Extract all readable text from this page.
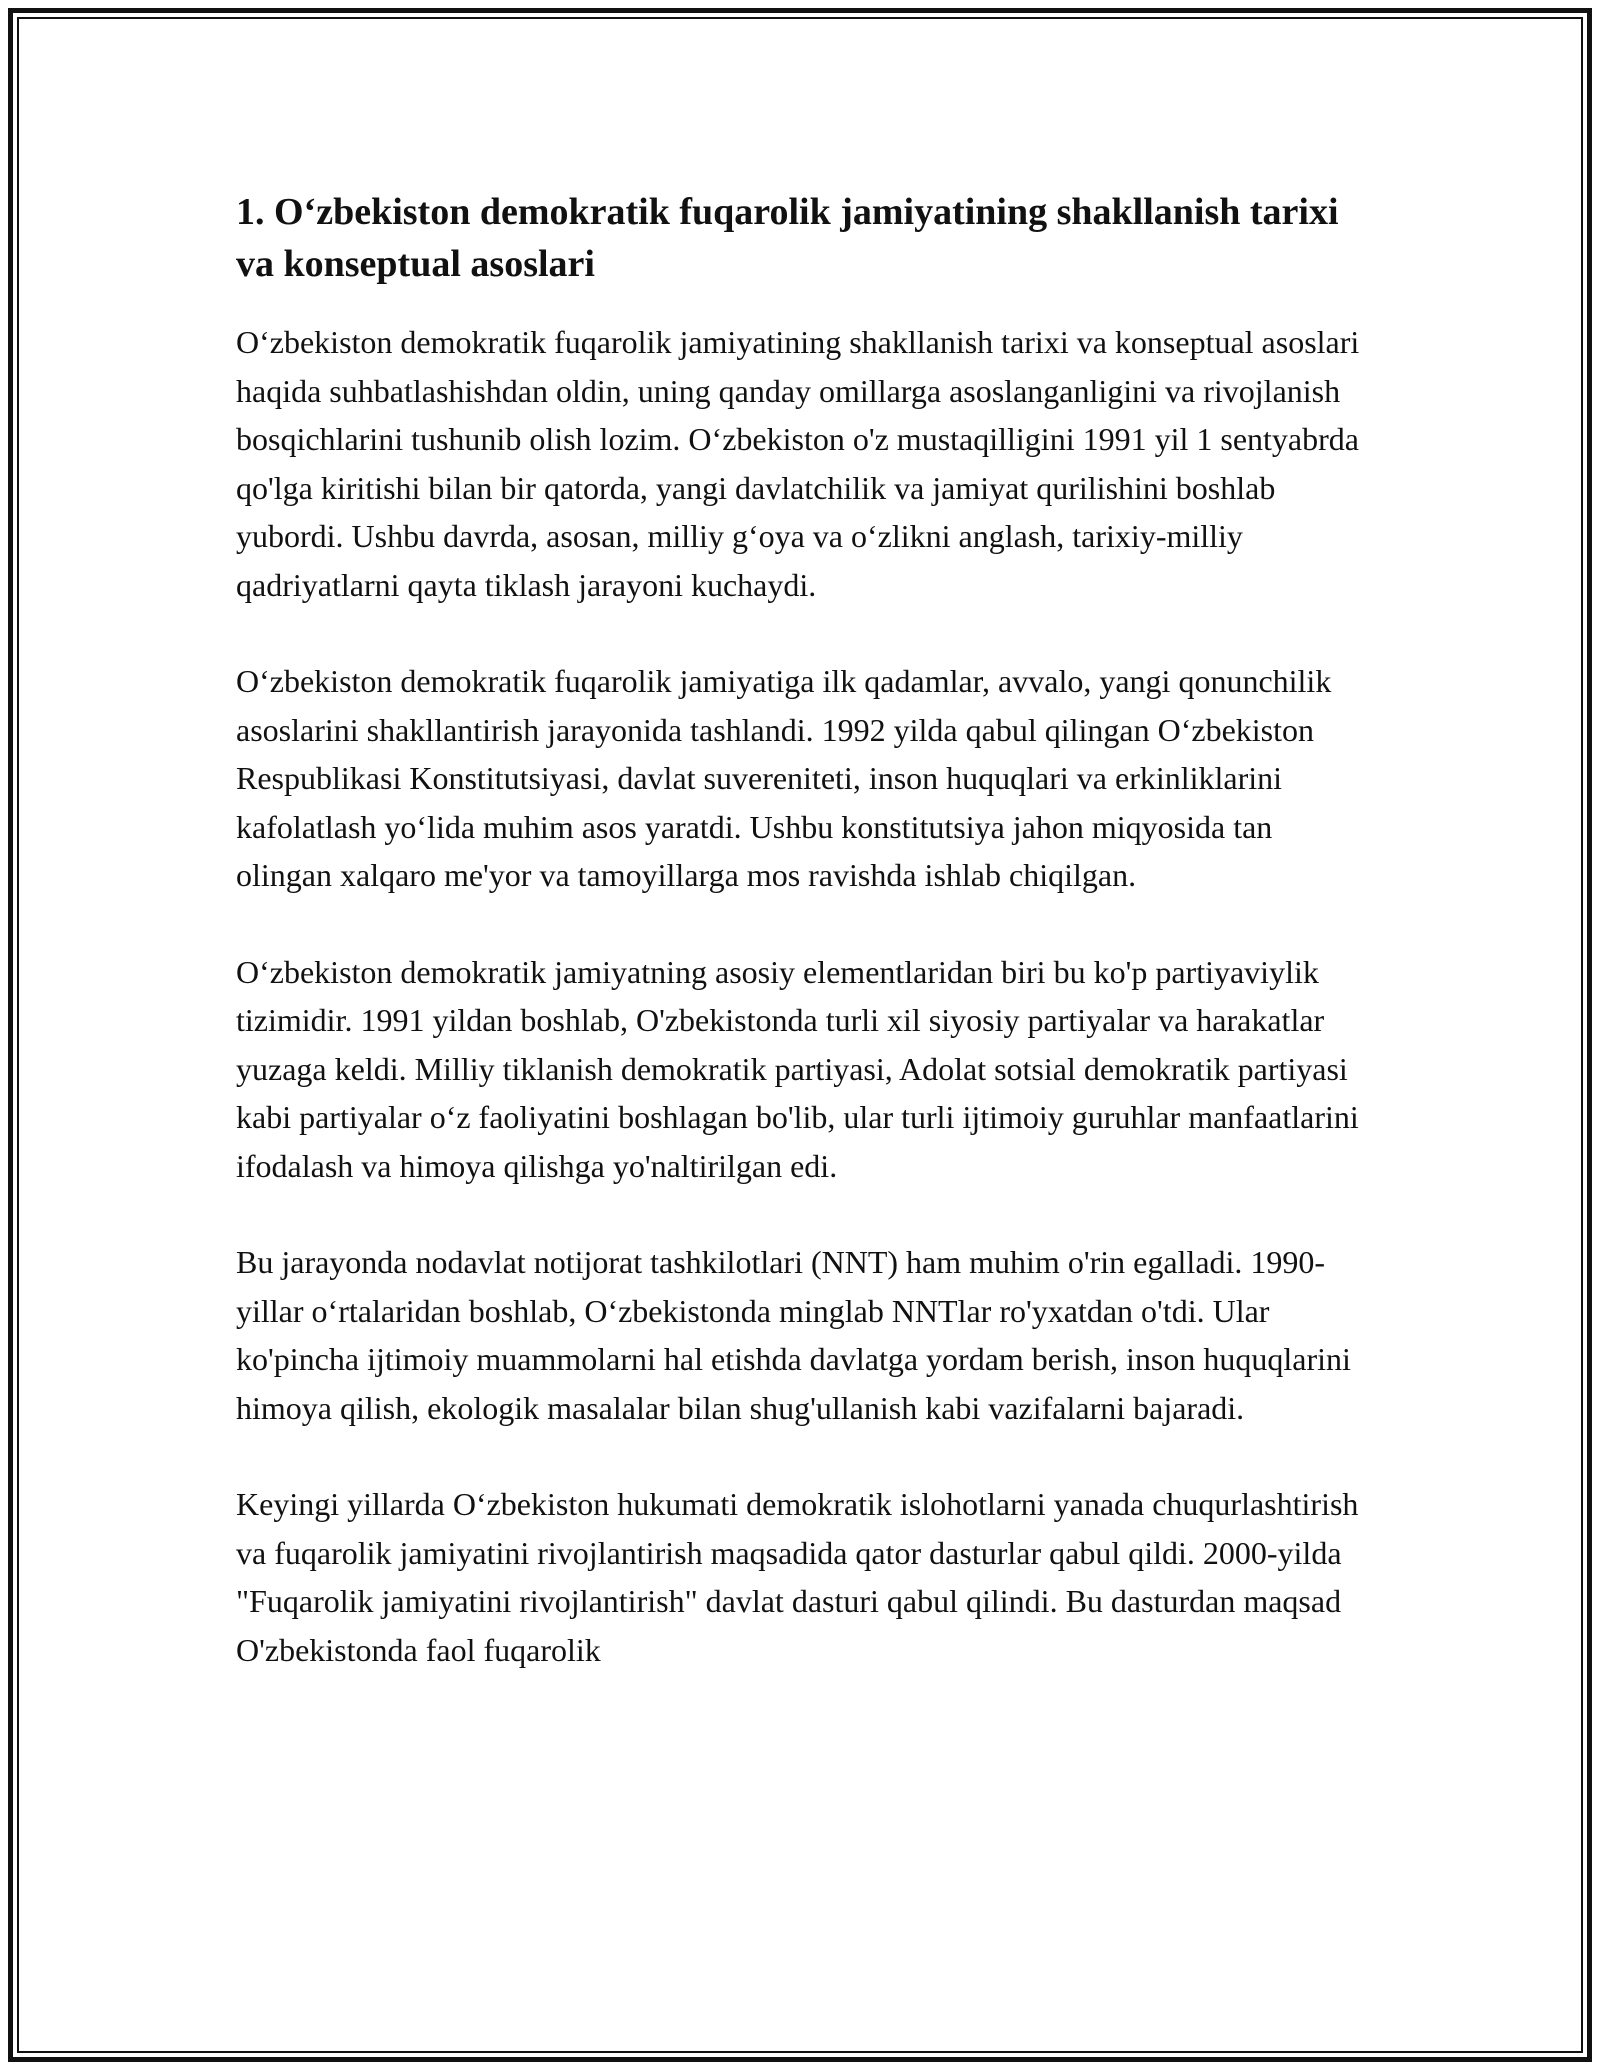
1. O‘zbekiston demokratik fuqarolik jamiyatining shakllanish tarixi va konseptual asoslari

O‘zbekiston demokratik fuqarolik jamiyatining shakllanish tarixi va konseptual asoslari haqida suhbatlashishdan oldin, uning qanday omillarga asoslanganligini va rivojlanish bosqichlarini tushunib olish lozim. O‘zbekiston o'z mustaqilligini 1991 yil 1 sentyabrda qo'lga kiritishi bilan bir qatorda, yangi davlatchilik va jamiyat qurilishini boshlab yubordi. Ushbu davrda, asosan, milliy g‘oya va o‘zlikni anglash, tarixiy-milliy qadriyatlarni qayta tiklash jarayoni kuchaydi.

O‘zbekiston demokratik fuqarolik jamiyatiga ilk qadamlar, avvalo, yangi qonunchilik asoslarini shakllantirish jarayonida tashlandi. 1992 yilda qabul qilingan O‘zbekiston Respublikasi Konstitutsiyasi, davlat suvereniteti, inson huquqlari va erkinliklarini kafolatlash yo‘lida muhim asos yaratdi. Ushbu konstitutsiya jahon miqyosida tan olingan xalqaro me'yor va tamoyillarga mos ravishda ishlab chiqilgan.

O‘zbekiston demokratik jamiyatning asosiy elementlaridan biri bu ko'p partiyaviylik tizimidir. 1991 yildan boshlab, O'zbekistonda turli xil siyosiy partiyalar va harakatlar yuzaga keldi. Milliy tiklanish demokratik partiyasi, Adolat sotsial demokratik partiyasi kabi partiyalar o‘z faoliyatini boshlagan bo'lib, ular turli ijtimoiy guruhlar manfaatlarini ifodalash va himoya qilishga yo'naltirilgan edi.

Bu jarayonda nodavlat notijorat tashkilotlari (NNT) ham muhim o'rin egalladi. 1990-yillar o‘rtalaridan boshlab, O‘zbekistonda minglab NNTlar ro'yxatdan o'tdi. Ular ko'pincha ijtimoiy muammolarni hal etishda davlatga yordam berish, inson huquqlarini himoya qilish, ekologik masalalar bilan shug'ullanish kabi vazifalarni bajaradi.

Keyingi yillarda O‘zbekiston hukumati demokratik islohotlarni yanada chuqurlashtirish va fuqarolik jamiyatini rivojlantirish maqsadida qator dasturlar qabul qildi. 2000-yilda "Fuqarolik jamiyatini rivojlantirish" davlat dasturi qabul qilindi. Bu dasturdan maqsad O'zbekistonda faol fuqarolik
